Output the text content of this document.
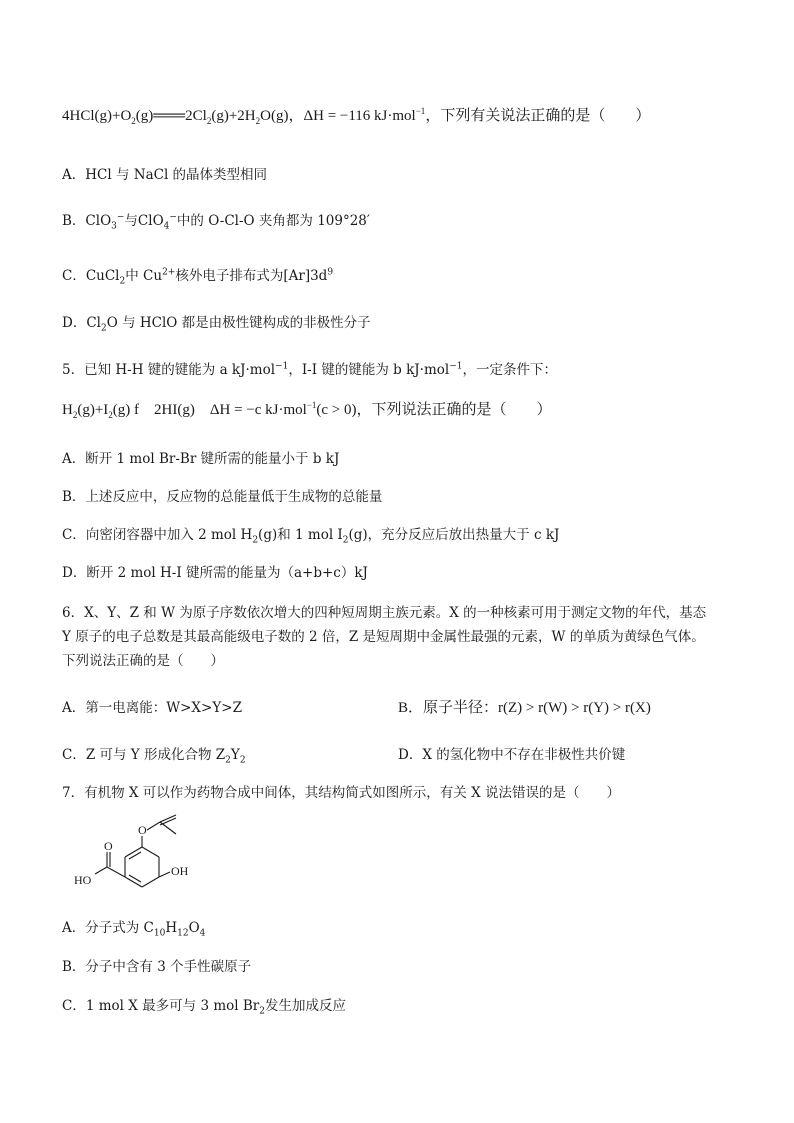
$4HCl(g)+O_2(g)═══2Cl_2(g)+2H_2O(g)$，ΔH = −116 kJ·mol$^{-1}$，下列有关说法正确的是（　　）
A．HCl 与 NaCl 的晶体类型相同
B．ClO$_3$−与ClO$_4$−中的 O-Cl-O 夹角都为 109°28′
C．CuCl$_2$中 $Cu^{2+}$核外电子排布式为$[Ar]3d^9$
D．$Cl_2O$ 与 HClO 都是由极性键构成的非极性分子
5．已知 H-H 键的键能为 a kJ·mol$^{-1}$，I-I 键的键能为 b kJ·mol$^{-1}$，一定条件下：
$H_2(g)+I_2(g)$ f　2HI(g)　ΔH = −c kJ·mol$^{-1}$(c > 0)，下列说法正确的是（　　）
A．断开 1 mol Br-Br 键所需的能量小于 b kJ
B．上述反应中，反应物的总能量低于生成物的总能量
C．向密闭容器中加入 2 mol $H_2(g)$和 1 mol $I_2(g)$，充分反应后放出热量大于 c kJ
D．断开 2 mol H-I 键所需的能量为（a+b+c）kJ
6．X、Y、Z 和 W 为原子序数依次增大的四种短周期主族元素。X 的一种核素可用于测定文物的年代，基态
Y 原子的电子总数是其最高能级电子数的 2 倍，Z 是短周期中金属性最强的元素，W 的单质为黄绿色气体。
下列说法正确的是（　　）
A．第一电离能：W>X>Y>Z	B．原子半径：r(Z) > r(W) > r(Y) > r(X)
C．Z 可与 Y 形成化合物 $Z_2Y_2$	D．X 的氢化物中不存在非极性共价键
7．有机物 X 可以作为药物合成中间体，其结构简式如图所示，有关 X 说法错误的是（　　）
O
OH
O
HO
A．分子式为 $C_{10}H_{12}O_4$
B．分子中含有 3 个手性碳原子
C．1 mol X 最多可与 3 mol $Br_2$发生加成反应
